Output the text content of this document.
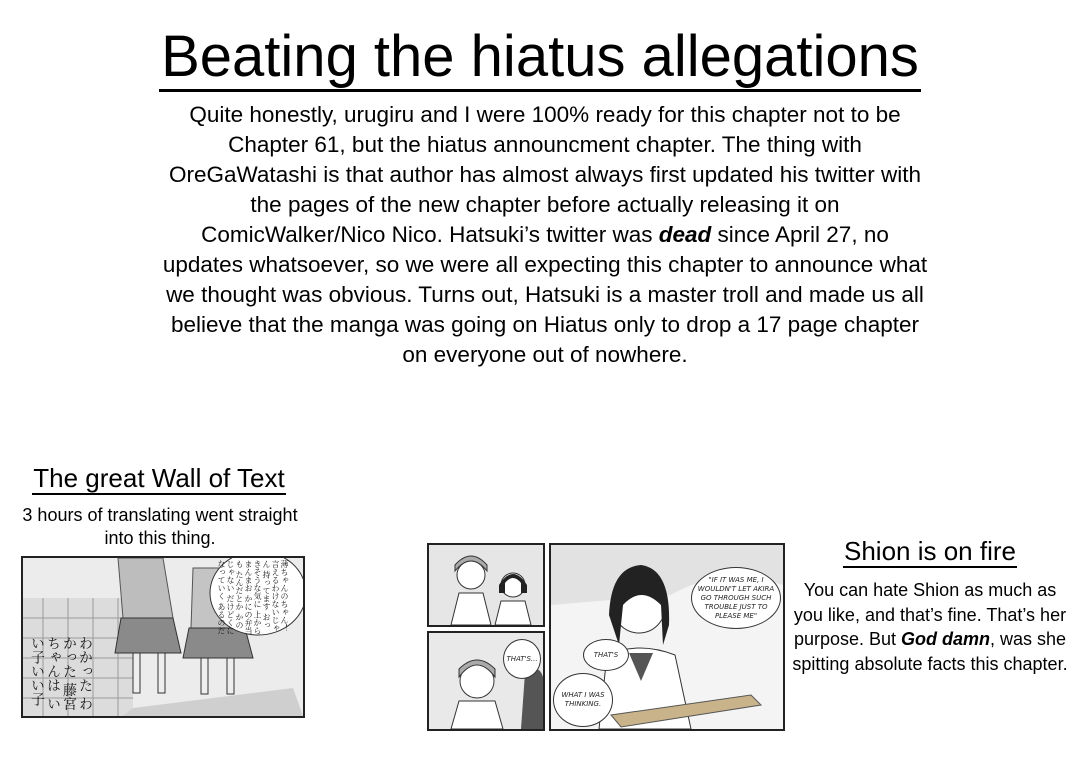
Beating the hiatus allegations
Quite honestly, urugiru and I were 100% ready for this chapter not to be Chapter 61, but the hiatus announcment chapter. The thing with OreGaWatashi is that author has almost always first updated his twitter with the pages of the new chapter before actually releasing it on ComicWalker/Nico Nico. Hatsuki’s twitter was dead since April 27, no updates whatsoever, so we were all expecting this chapter to announce what we thought was obvious. Turns out, Hatsuki is a master troll and made us all believe that the manga was going on Hiatus only to drop a 17 page chapter on everyone out of nowhere.
The great Wall of Text
3 hours of translating went straight into this thing.
薄ちゃんのちゃん！ 言えるわけないじゃん 持ってます おっきそうな気に 上からまんまお かにの弁当も たんだとか かのじゃない だけどくになっていく あるのだ
わかった わかった 藤宮ちゃんは いい子いい子	THAT'S...
"IF IT WAS ME, I WOULDN'T LET AKIRA GO THROUGH SUCH TROUBLE JUST TO PLEASE ME"
THAT'S
WHAT I WAS THINKING.
Shion is on fire
You can hate Shion as much as you like, and that’s fine. That’s her purpose. But God damn, was she spitting absolute facts this chapter.
